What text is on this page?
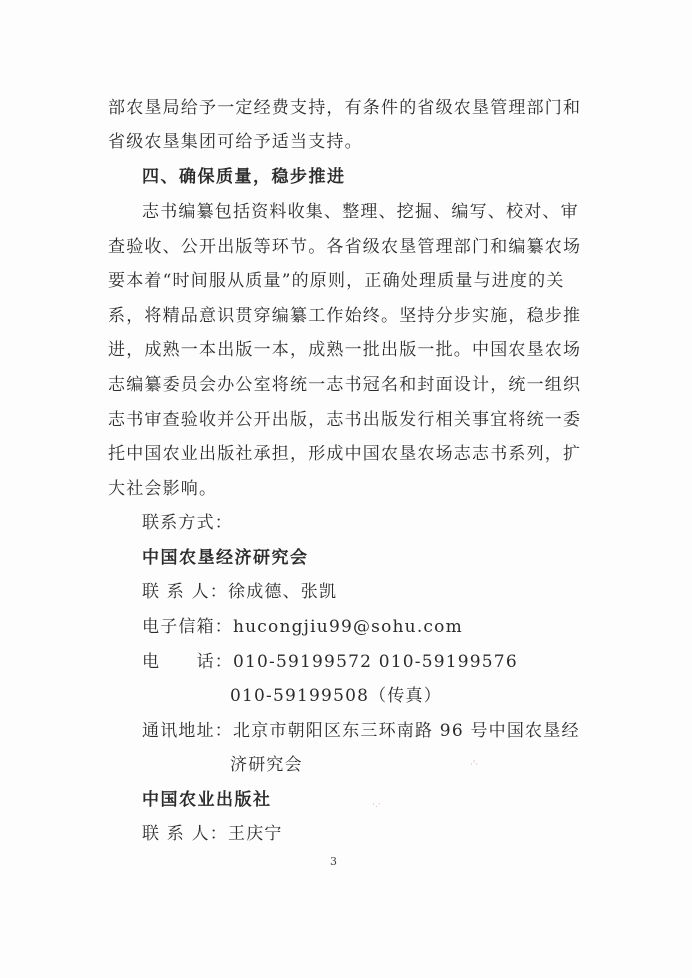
部农垦局给予一定经费支持，有条件的省级农垦管理部门和
省级农垦集团可给予适当支持。
四、确保质量，稳步推进
志书编纂包括资料收集、整理、挖掘、编写、校对、审
查验收、公开出版等环节。各省级农垦管理部门和编纂农场
要本着“时间服从质量”的原则，正确处理质量与进度的关
系，将精品意识贯穿编纂工作始终。坚持分步实施，稳步推
进，成熟一本出版一本，成熟一批出版一批。中国农垦农场
志编纂委员会办公室将统一志书冠名和封面设计，统一组织
志书审查验收并公开出版，志书出版发行相关事宜将统一委
托中国农业出版社承担，形成中国农垦农场志志书系列，扩
大社会影响。
联系方式：
中国农垦经济研究会
联 系 人：徐成德、张凯
电子信箱：hucongjiu99@sohu.com
电　　话：010-59199572 010-59199576
010-59199508（传真）
通讯地址：北京市朝阳区东三环南路 96 号中国农垦经
济研究会
中国农业出版社
联 系 人：王庆宁
3
·'·
·.·
